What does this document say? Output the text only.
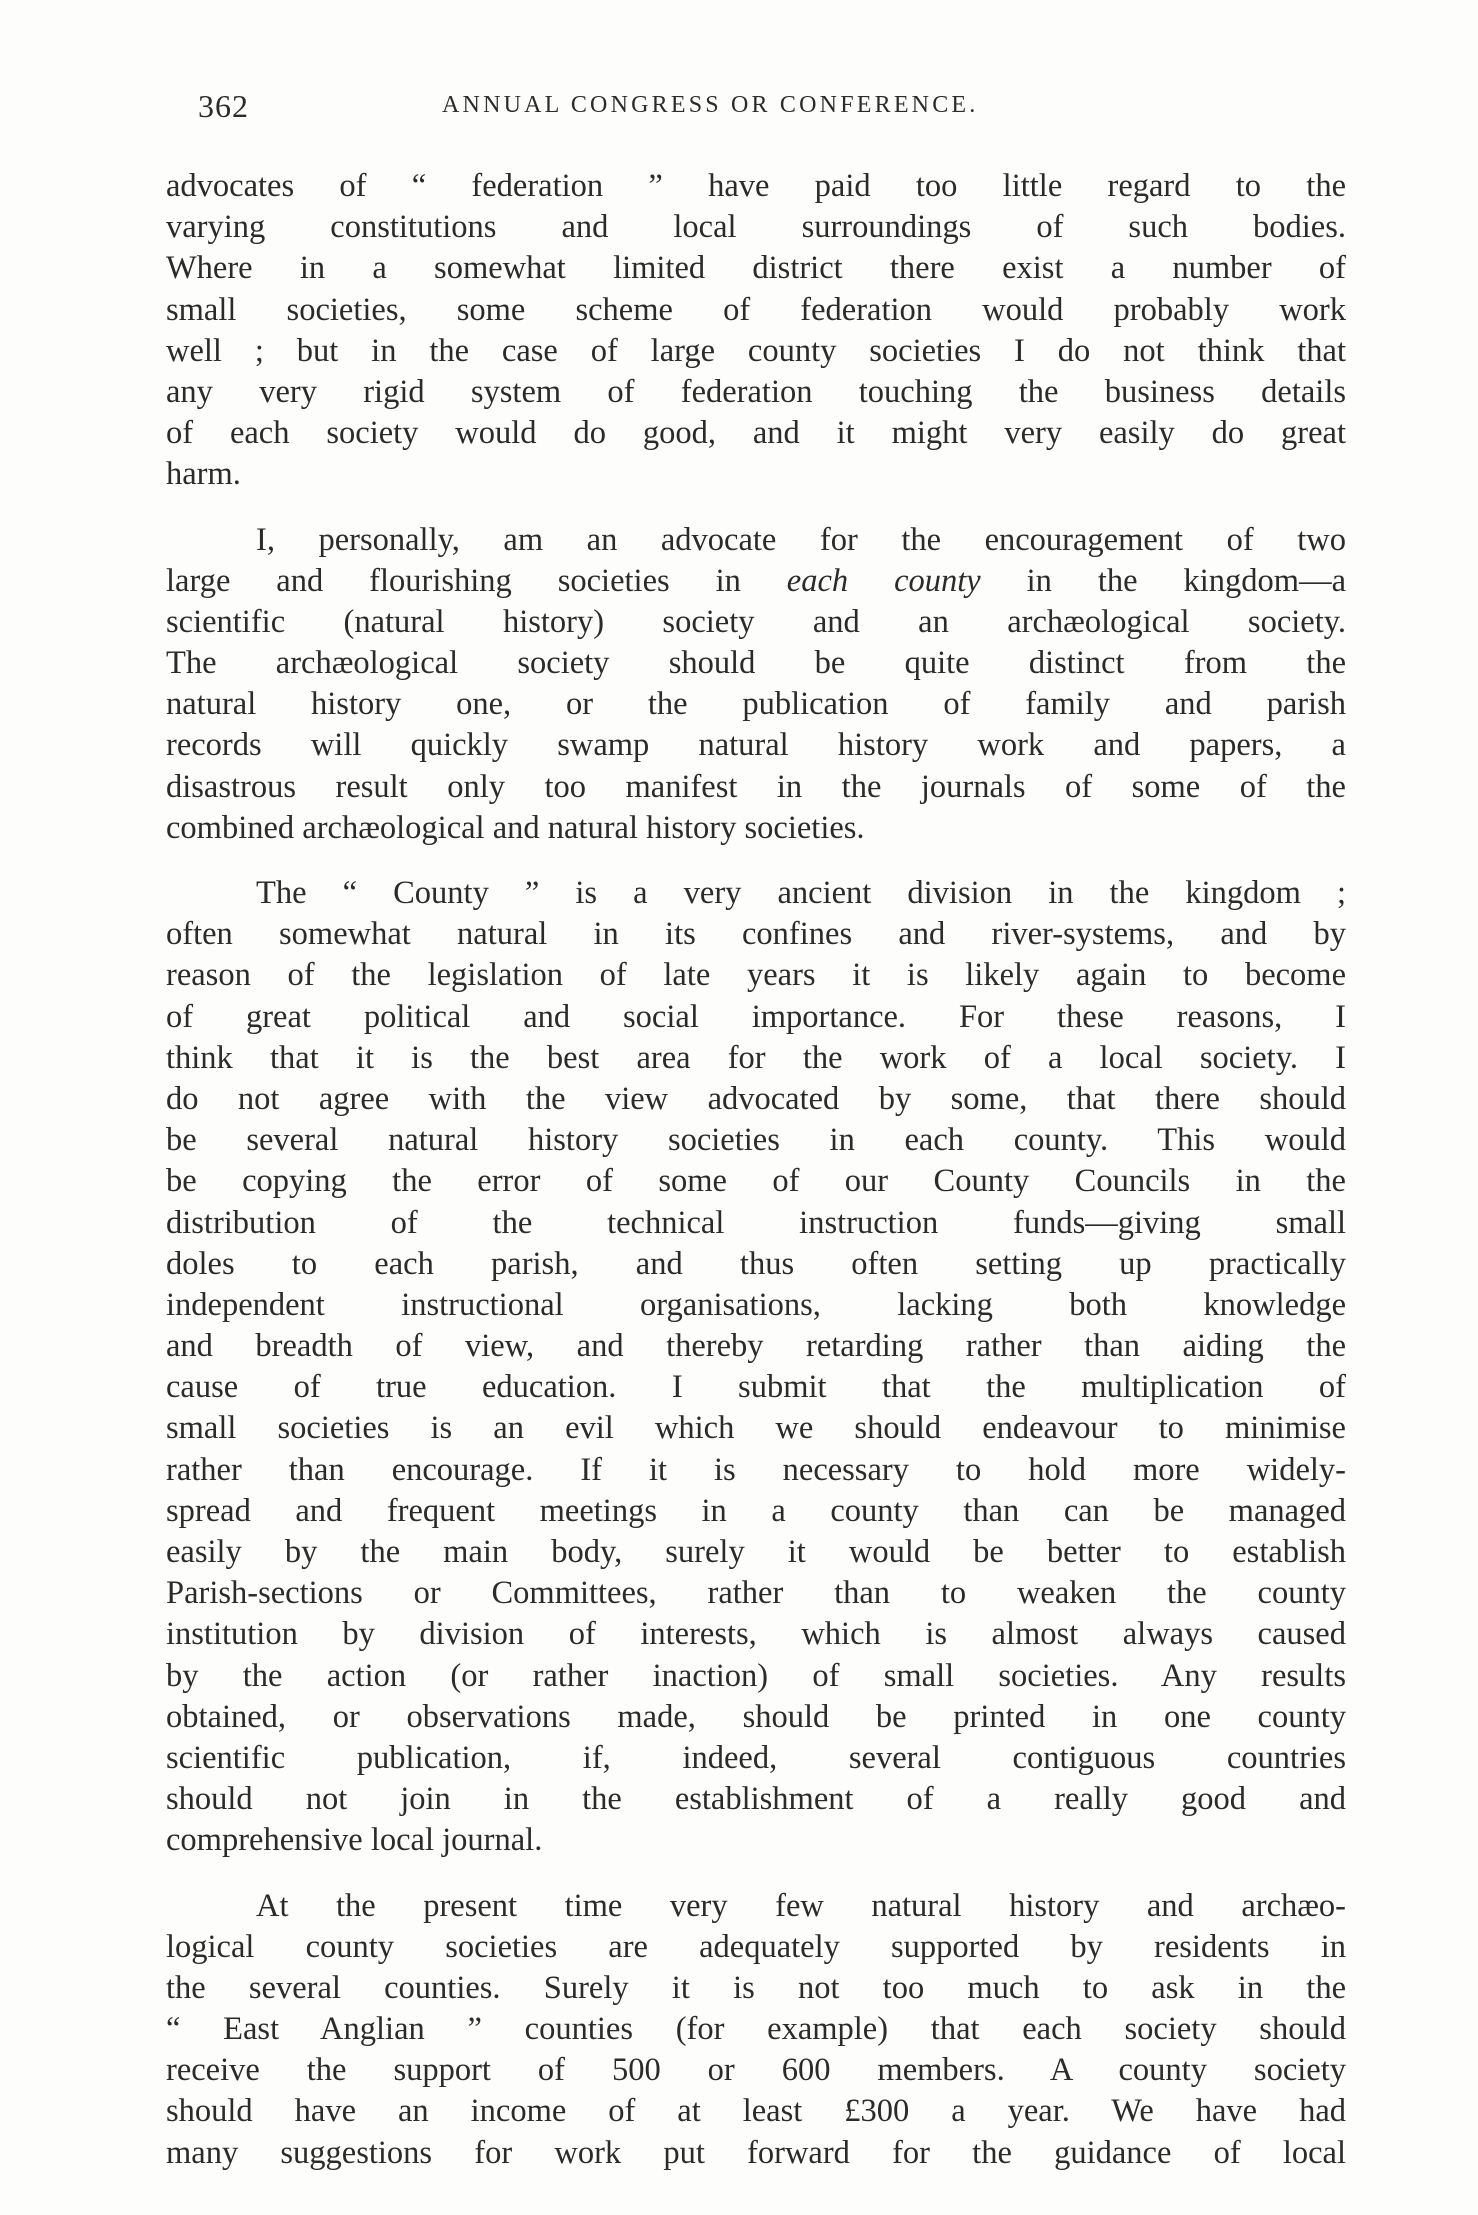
362	ANNUAL CONGRESS OR CONFERENCE.
advocates of “ federation ” have paid too little regard to the
varying constitutions and local surroundings of such bodies.
Where in a somewhat limited district there exist a number of
small societies, some scheme of federation would probably work
well ; but in the case of large county societies I do not think that
any very rigid system of federation touching the business details
of each society would do good, and it might very easily do great
harm.
I, personally, am an advocate for the encouragement of two
large and flourishing societies in each county in the kingdom—a
scientific (natural history) society and an archæological society.
The archæological society should be quite distinct from the
natural history one, or the publication of family and parish
records will quickly swamp natural history work and papers, a
disastrous result only too manifest in the journals of some of the
combined archæological and natural history societies.
The “ County ” is a very ancient division in the kingdom ;
often somewhat natural in its confines and river-systems, and by
reason of the legislation of late years it is likely again to become
of great political and social importance. For these reasons, I
think that it is the best area for the work of a local society. I
do not agree with the view advocated by some, that there should
be several natural history societies in each county. This would
be copying the error of some of our County Councils in the
distribution of the technical instruction funds—giving small
doles to each parish, and thus often setting up practically
independent instructional organisations, lacking both knowledge
and breadth of view, and thereby retarding rather than aiding the
cause of true education. I submit that the multiplication of
small societies is an evil which we should endeavour to minimise
rather than encourage. If it is necessary to hold more widely-
spread and frequent meetings in a county than can be managed
easily by the main body, surely it would be better to establish
Parish-sections or Committees, rather than to weaken the county
institution by division of interests, which is almost always caused
by the action (or rather inaction) of small societies. Any results
obtained, or observations made, should be printed in one county
scientific publication, if, indeed, several contiguous countries
should not join in the establishment of a really good and
comprehensive local journal.
At the present time very few natural history and archæo-
logical county societies are adequately supported by residents in
the several counties. Surely it is not too much to ask in the
“ East Anglian ” counties (for example) that each society should
receive the support of 500 or 600 members. A county society
should have an income of at least £300 a year. We have had
many suggestions for work put forward for the guidance of local
